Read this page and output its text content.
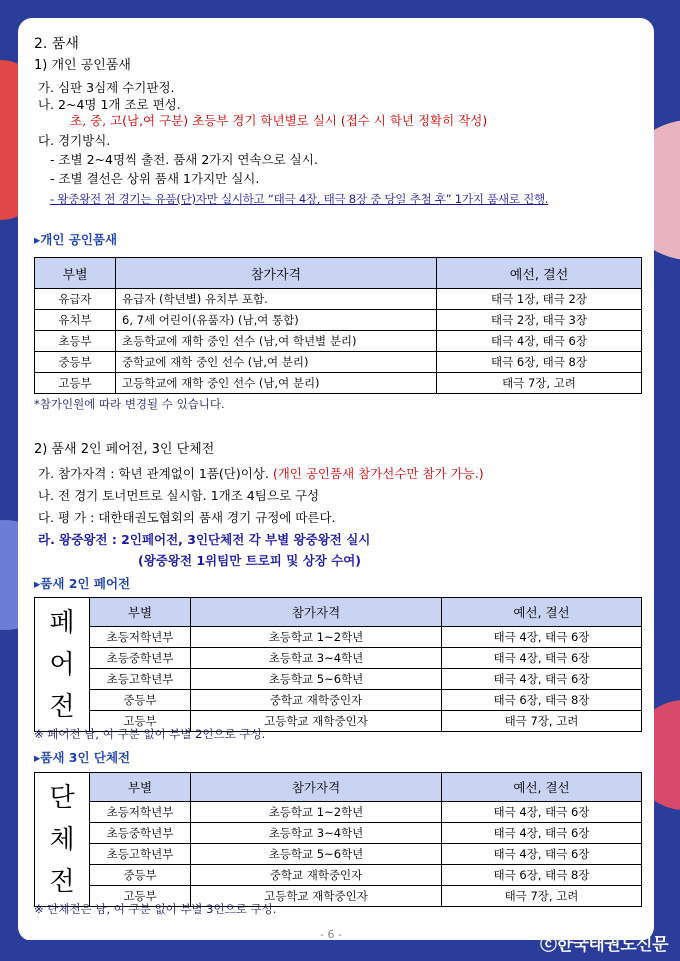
2. 품새
1) 개인 공인품새
가. 심판 3심제 수기판정.
나. 2~4명 1개 조로 편성.
초, 중, 고(남,여 구분) 초등부 경기 학년별로 실시 (접수 시 학년 정확히 작성)
다. 경기방식.
- 조별 2~4명씩 출전. 품새 2가지 연속으로 실시.
- 조별 결선은 상위 품새 1가지만 실시.
- 왕중왕전 전 경기는 유품(단)자만 실시하고 “태극 4장, 태극 8장 중 당일 추첨 후” 1가지 품새로 진행.
▸개인 공인품새
부별	참가자격	예선, 결선
유급자	유급자 (학년별) 유치부 포함.	태극 1장, 태극 2장
유치부	6, 7세 어린이(유품자) (남,여 통합)	태극 2장, 태극 3장
초등부	초등학교에 재학 중인 선수 (남,여 학년별 분리)	태극 4장, 태극 6장
중등부	중학교에 재학 중인 선수 (남,여 분리)	태극 6장, 태극 8장
고등부	고등학교에 재학 중인 선수 (남,여 분리)	태극 7장, 고려
*참가인원에 따라 변경될 수 있습니다.
2) 품새 2인 페어전, 3인 단체전
가. 참가자격 : 학년 관계없이 1품(단)이상. (개인 공인품새 참가선수만 참가 가능.)
나. 전 경기 토너먼트로 실시함. 1개조 4팀으로 구성
다. 평 가 : 대한태권도협회의 품새 경기 규정에 따른다.
라. 왕중왕전 : 2인페어전, 3인단체전 각 부별 왕중왕전 실시
(왕중왕전 1위팀만 트로피 및 상장 수여)
▸품새 2인 페어전
페
어
전	부별	참가자격	예선, 결선
	초등저학년부	초등학교 1~2학년	태극 4장, 태극 6장
	초등중학년부	초등학교 3~4학년	태극 4장, 태극 6장
	초등고학년부	초등학교 5~6학년	태극 4장, 태극 6장
	중등부	중학교 재학중인자	태극 6장, 태극 8장
	고등부	고등학교 재학중인자	태극 7장, 고려
※ 페어전 남, 여 구분 없이 부별 2인으로 구성.
▸품새 3인 단체전
단
체
전	부별	참가자격	예선, 결선
	초등저학년부	초등학교 1~2학년	태극 4장, 태극 6장
	초등중학년부	초등학교 3~4학년	태극 4장, 태극 6장
	초등고학년부	초등학교 5~6학년	태극 4장, 태극 6장
	중등부	중학교 재학중인자	태극 6장, 태극 8장
	고등부	고등학교 재학중인자	태극 7장, 고려
※ 단체전은 남, 여 구분 없이 부별 3인으로 구성.
- 6 -
ⓒ한국태권도신문
